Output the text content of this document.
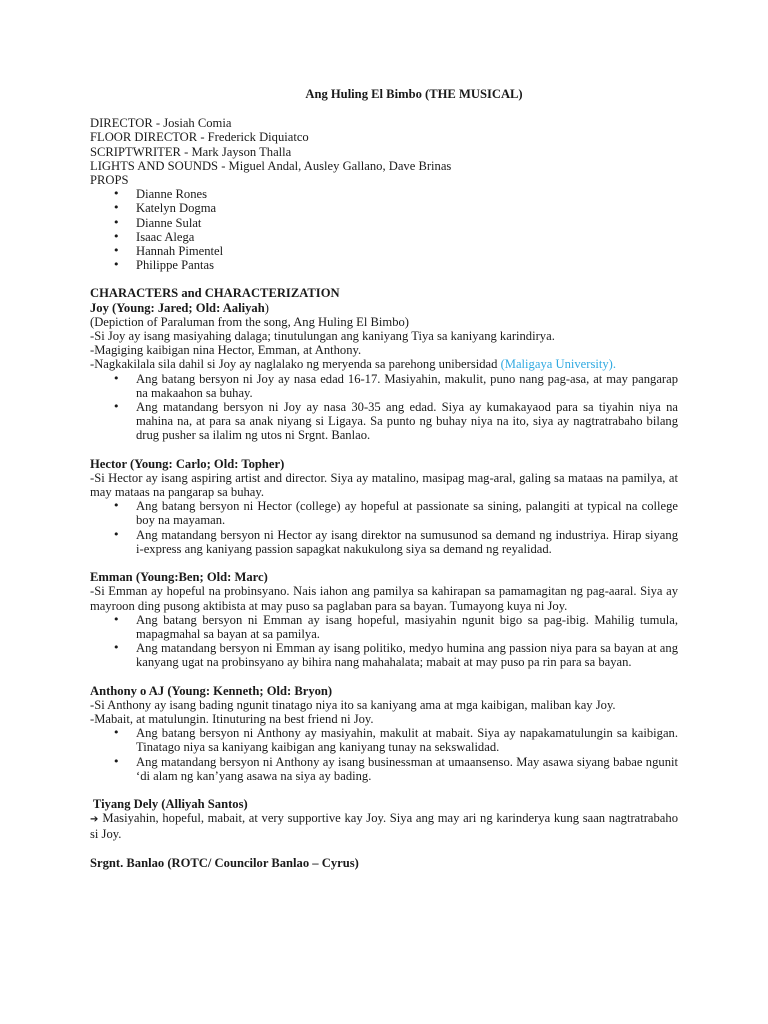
Ang Huling El Bimbo (THE MUSICAL)
DIRECTOR - Josiah Comia
FLOOR DIRECTOR - Frederick Diquiatco
SCRIPTWRITER - Mark Jayson Thalla
LIGHTS AND SOUNDS - Miguel Andal, Ausley Gallano, Dave Brinas
PROPS
• Dianne Rones
• Katelyn Dogma
• Dianne Sulat
• Isaac Alega
• Hannah Pimentel
• Philippe Pantas
CHARACTERS and CHARACTERIZATION
Joy (Young: Jared; Old: Aaliyah)
(Depiction of Paraluman from the song, Ang Huling El Bimbo)
-Si Joy ay isang masiyahing dalaga; tinutulungan ang kaniyang Tiya sa kaniyang karindirya.
-Magiging kaibigan nina Hector, Emman, at Anthony.
-Nagkakilala sila dahil si Joy ay naglalako ng meryenda sa parehong unibersidad (Maligaya University).
• Ang batang bersyon ni Joy ay nasa edad 16-17. Masiyahin, makulit, puno nang pag-asa, at may pangarap na makaahon sa buhay.
• Ang matandang bersyon ni Joy ay nasa 30-35 ang edad. Siya ay kumakayaod para sa tiyahin niya na mahina na, at para sa anak niyang si Ligaya. Sa punto ng buhay niya na ito, siya ay nagtratrabaho bilang drug pusher sa ilalim ng utos ni Srgnt. Banlao.
Hector (Young: Carlo; Old: Topher)
-Si Hector ay isang aspiring artist and director. Siya ay matalino, masipag mag-aral, galing sa mataas na pamilya, at may mataas na pangarap sa buhay.
• Ang batang bersyon ni Hector (college) ay hopeful at passionate sa sining, palangiti at typical na college boy na mayaman.
• Ang matandang bersyon ni Hector ay isang direktor na sumusunod sa demand ng industriya. Hirap siyang i-express ang kaniyang passion sapagkat nakukulong siya sa demand ng reyalidad.
Emman (Young:Ben; Old: Marc)
-Si Emman ay hopeful na probinsyano. Nais iahon ang pamilya sa kahirapan sa pamamagitan ng pag-aaral. Siya ay mayroon ding pusong aktibista at may puso sa paglaban para sa bayan. Tumayong kuya ni Joy.
• Ang batang bersyon ni Emman ay isang hopeful, masiyahin ngunit bigo sa pag-ibig. Mahilig tumula, mapagmahal sa bayan at sa pamilya.
• Ang matandang bersyon ni Emman ay isang politiko, medyo humina ang passion niya para sa bayan at ang kanyang ugat na probinsyano ay bihira nang mahahalata; mabait at may puso pa rin para sa bayan.
Anthony o AJ (Young: Kenneth; Old: Bryon)
-Si Anthony ay isang bading ngunit tinatago niya ito sa kaniyang ama at mga kaibigan, maliban kay Joy.
-Mabait, at matulungin. Itinuturing na best friend ni Joy.
• Ang batang bersyon ni Anthony ay masiyahin, makulit at mabait. Siya ay napakamatulungin sa kaibigan. Tinatago niya sa kaniyang kaibigan ang kaniyang tunay na sekswalidad.
• Ang matandang bersyon ni Anthony ay isang businessman at umaansenso. May asawa siyang babae ngunit ‘di alam ng kan’yang asawa na siya ay bading.
Tiyang Dely (Alliyah Santos)
➔ Masiyahin, hopeful, mabait, at very supportive kay Joy. Siya ang may ari ng karinderya kung saan nagtratrabaho si Joy.
Srgnt. Banlao (ROTC/ Councilor Banlao – Cyrus)
